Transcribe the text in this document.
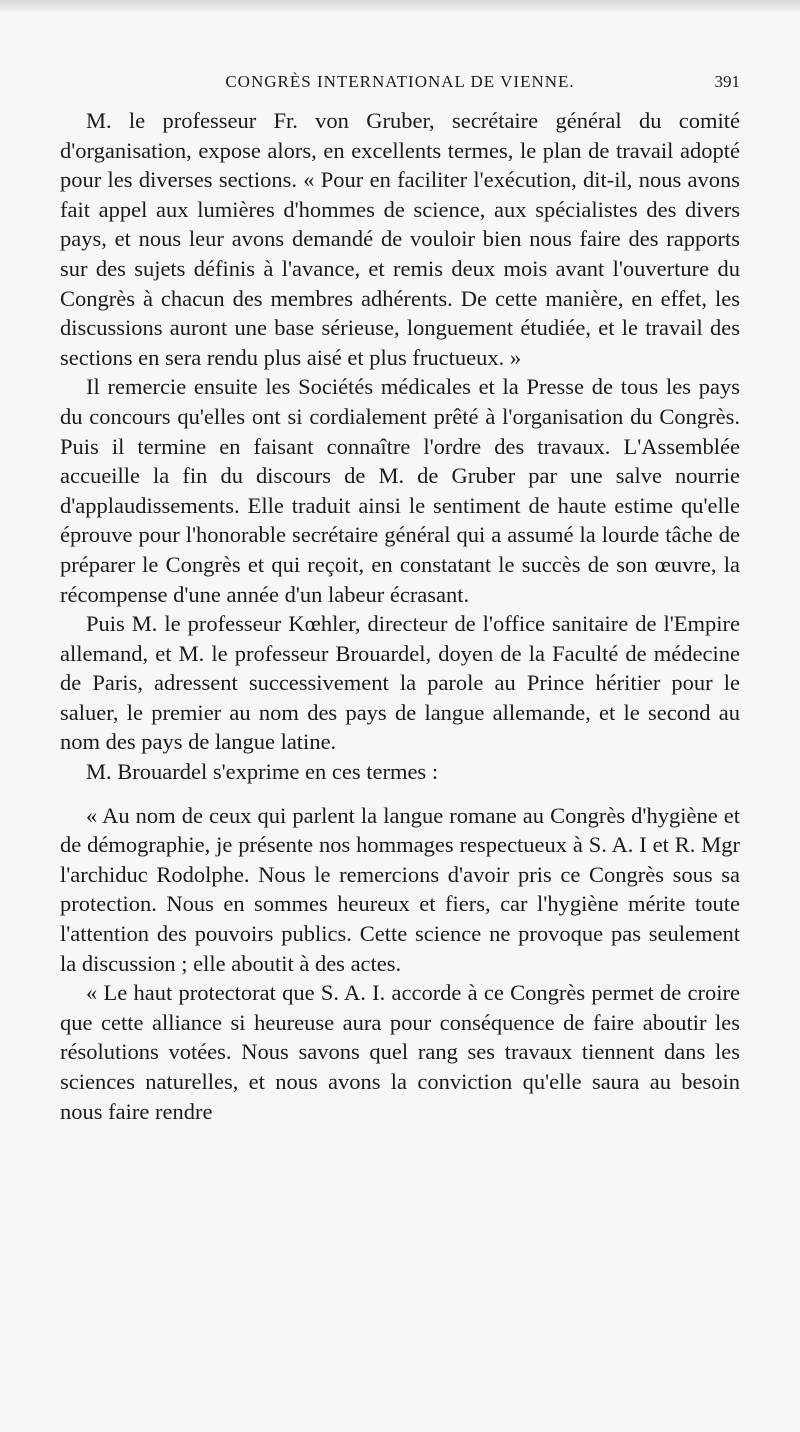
CONGRÈS INTERNATIONAL DE VIENNE.	391

M. le professeur Fr. von Gruber, secrétaire général du comité d'organisation, expose alors, en excellents termes, le plan de travail adopté pour les diverses sections. « Pour en faciliter l'exécution, dit-il, nous avons fait appel aux lumières d'hommes de science, aux spécialistes des divers pays, et nous leur avons demandé de vouloir bien nous faire des rapports sur des sujets définis à l'avance, et remis deux mois avant l'ouverture du Congrès à chacun des membres adhérents. De cette manière, en effet, les discussions auront une base sérieuse, longuement étudiée, et le travail des sections en sera rendu plus aisé et plus fructueux. »

Il remercie ensuite les Sociétés médicales et la Presse de tous les pays du concours qu'elles ont si cordialement prêté à l'organisation du Congrès. Puis il termine en faisant connaître l'ordre des travaux. L'Assemblée accueille la fin du discours de M. de Gruber par une salve nourrie d'applaudissements. Elle traduit ainsi le sentiment de haute estime qu'elle éprouve pour l'honorable secrétaire général qui a assumé la lourde tâche de préparer le Congrès et qui reçoit, en constatant le succès de son œuvre, la récompense d'une année d'un labeur écrasant.

Puis M. le professeur Kœhler, directeur de l'office sanitaire de l'Empire allemand, et M. le professeur Brouardel, doyen de la Faculté de médecine de Paris, adressent successivement la parole au Prince héritier pour le saluer, le premier au nom des pays de langue allemande, et le second au nom des pays de langue latine.

M. Brouardel s'exprime en ces termes :

« Au nom de ceux qui parlent la langue romane au Congrès d'hygiène et de démographie, je présente nos hommages respectueux à S. A. I et R. Mgr l'archiduc Rodolphe. Nous le remercions d'avoir pris ce Congrès sous sa protection. Nous en sommes heureux et fiers, car l'hygiène mérite toute l'attention des pouvoirs publics. Cette science ne provoque pas seulement la discussion ; elle aboutit à des actes.

« Le haut protectorat que S. A. I. accorde à ce Congrès permet de croire que cette alliance si heureuse aura pour conséquence de faire aboutir les résolutions votées. Nous savons quel rang ses travaux tiennent dans les sciences naturelles, et nous avons la conviction qu'elle saura au besoin nous faire rendre
